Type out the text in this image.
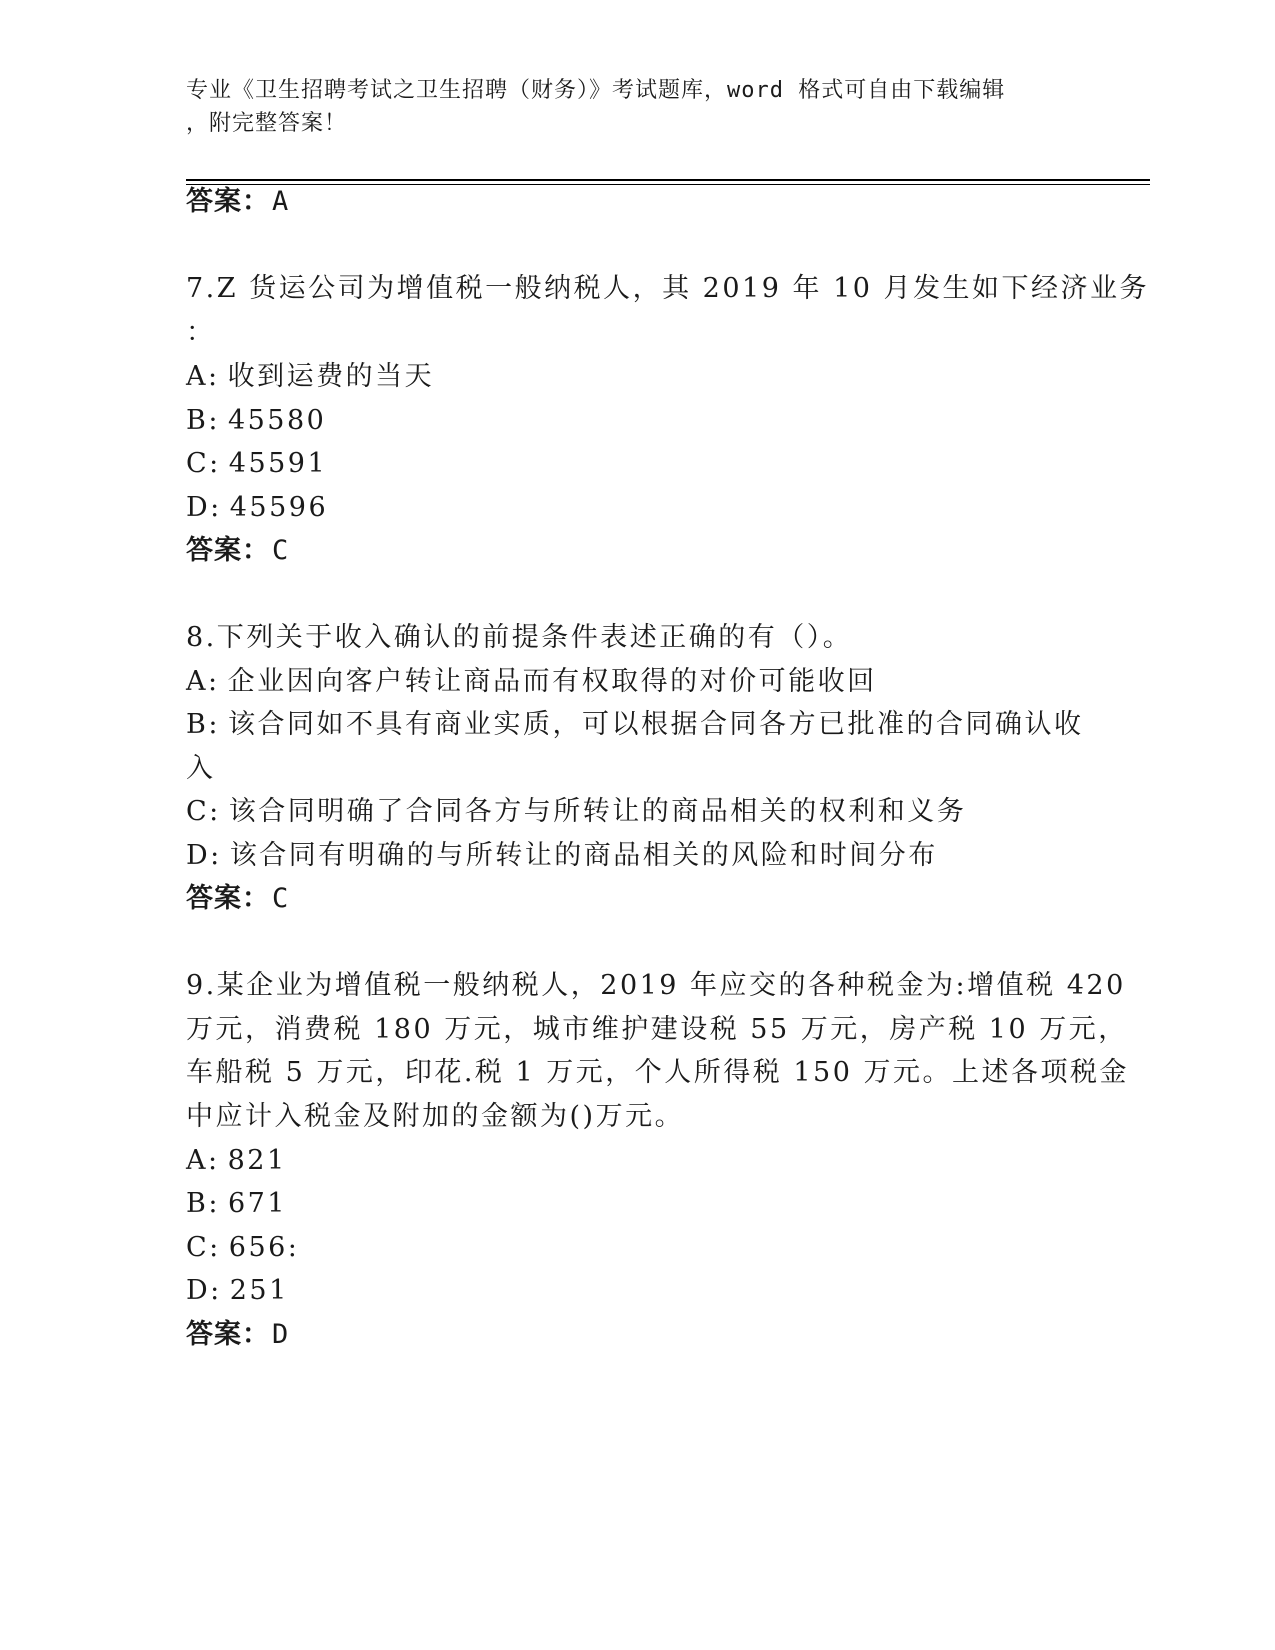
专业《卫生招聘考试之卫生招聘（财务）》考试题库，word 格式可自由下载编辑
，附完整答案！
答案：A
7.Z 货运公司为增值税一般纳税人，其 2019 年 10 月发生如下经济业务
：
A: 收到运费的当天
B: 45580
C: 45591
D: 45596
答案：C
8.下列关于收入确认的前提条件表述正确的有（）。
A: 企业因向客户转让商品而有权取得的对价可能收回
B: 该合同如不具有商业实质，可以根据合同各方已批准的合同确认收
入
C: 该合同明确了合同各方与所转让的商品相关的权利和义务
D: 该合同有明确的与所转让的商品相关的风险和时间分布
答案：C
9.某企业为增值税一般纳税人，2019 年应交的各种税金为:增值税 420
万元，消费税 180 万元，城市维护建设税 55 万元，房产税 10 万元，
车船税 5 万元，印花.税 1 万元，个人所得税 150 万元。上述各项税金
中应计入税金及附加的金额为()万元。
A: 821
B: 671
C: 656:
D: 251
答案：D
